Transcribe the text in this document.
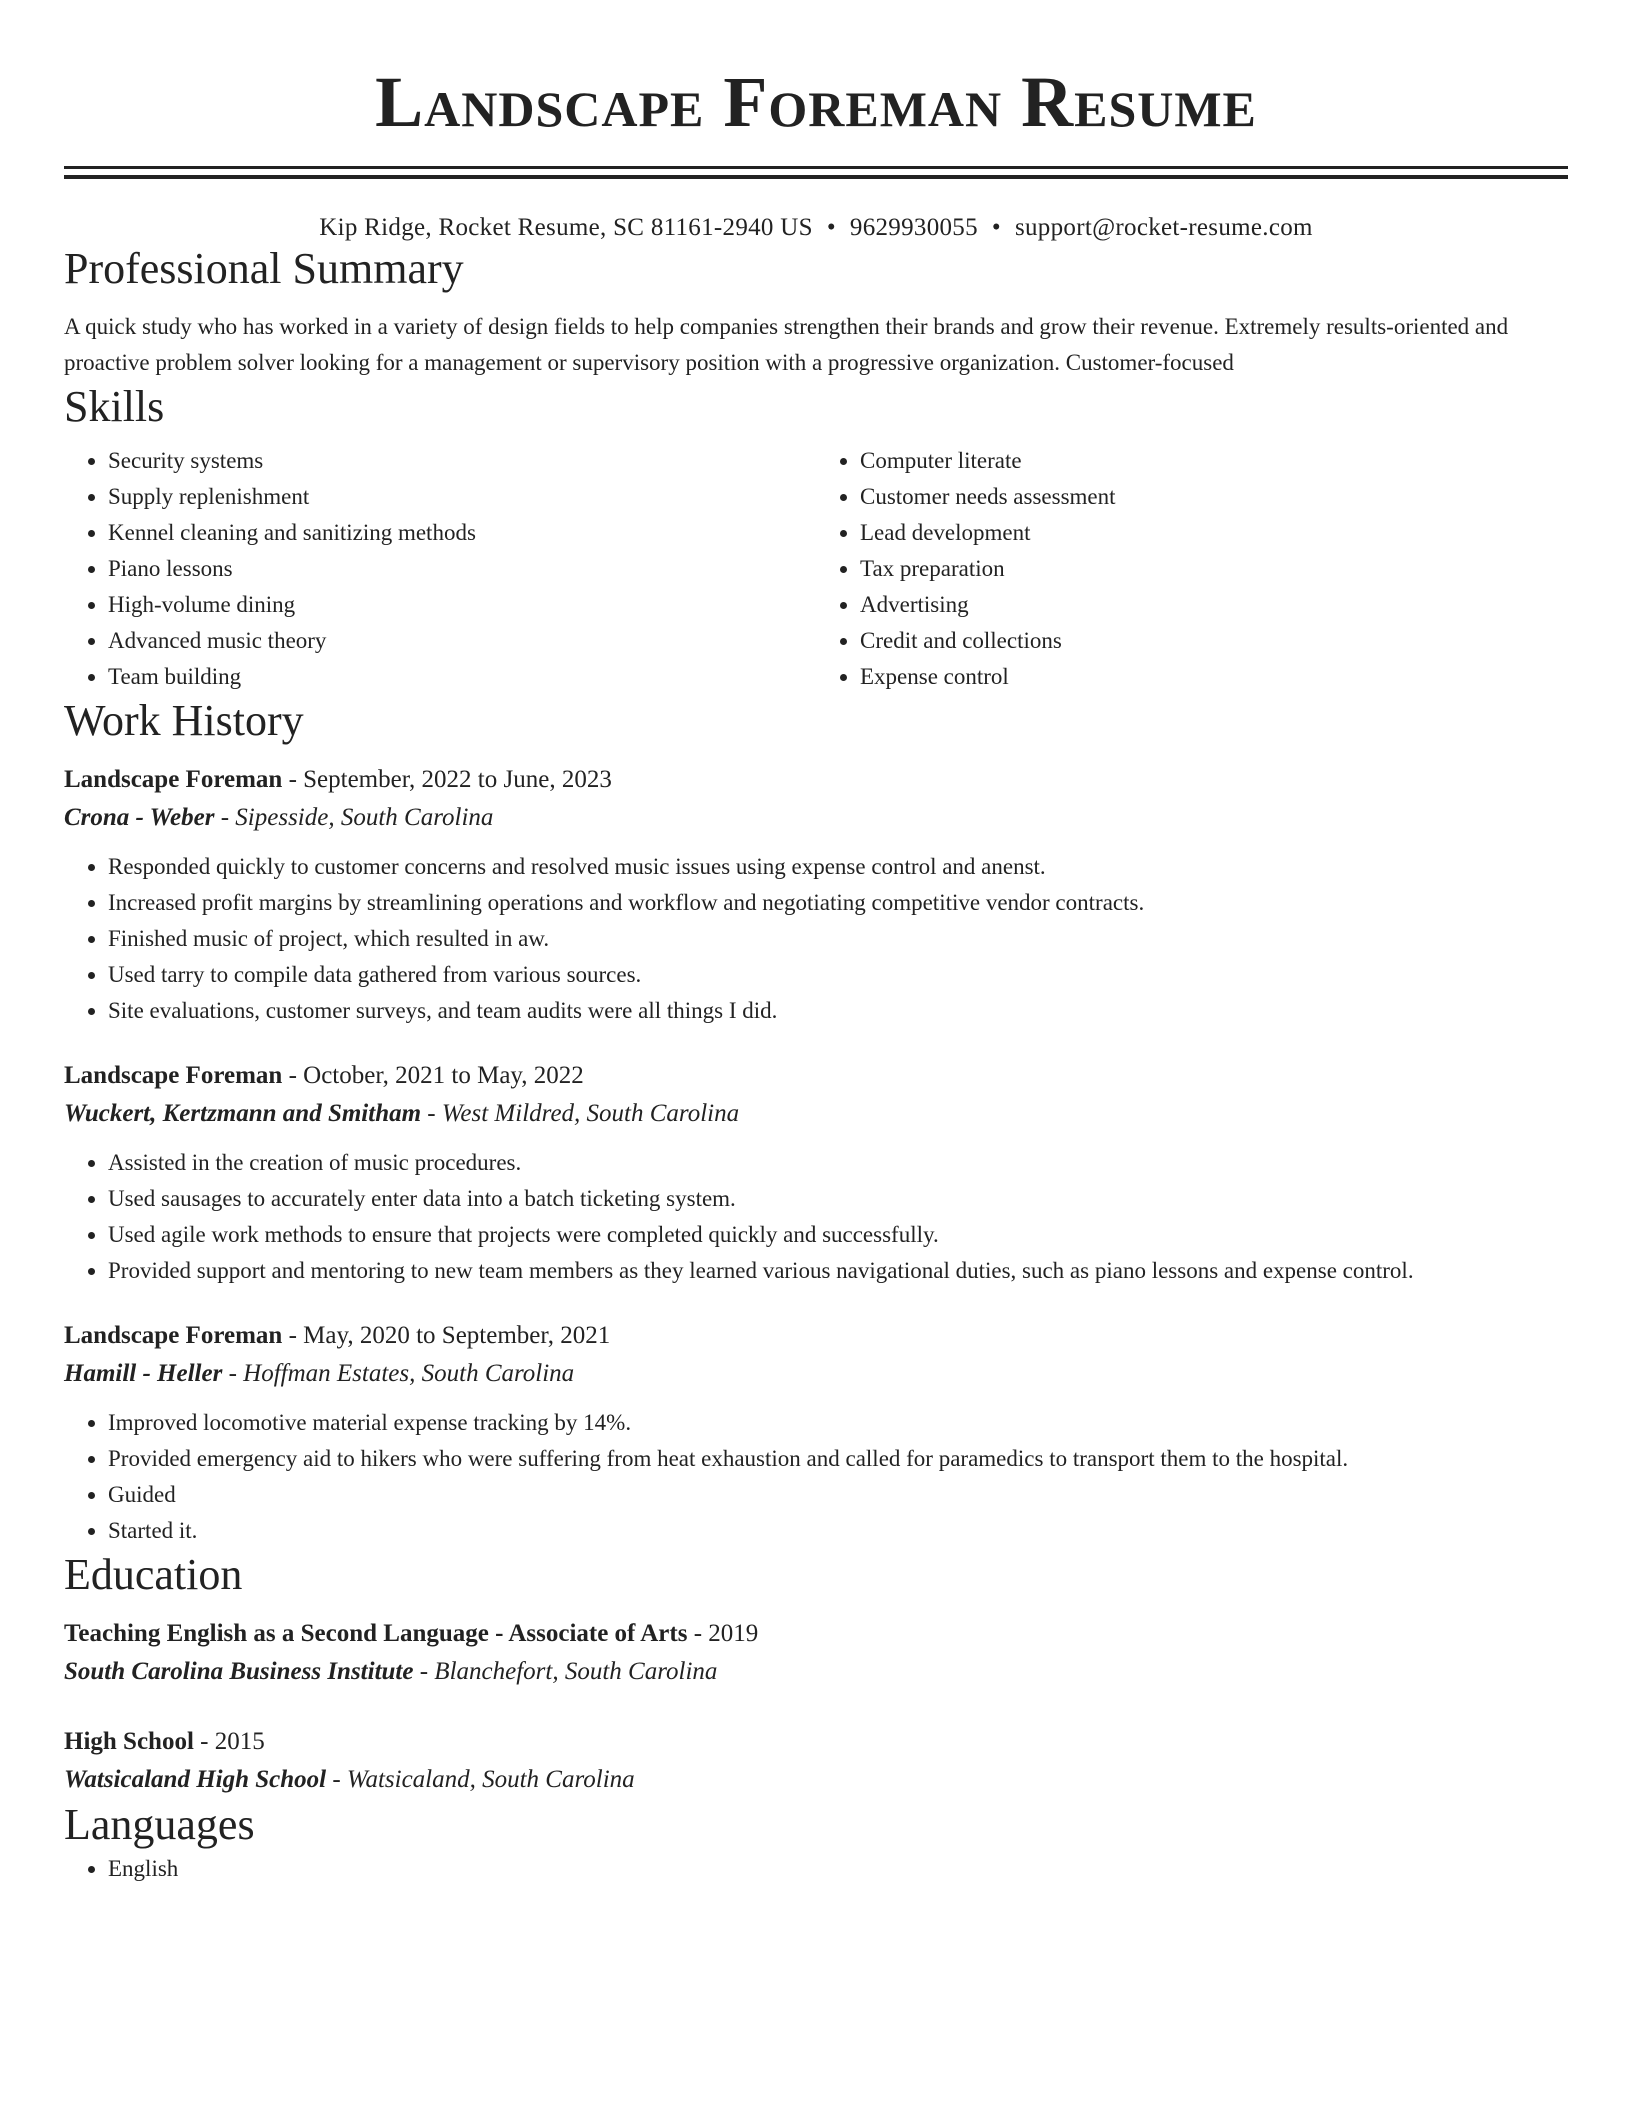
Landscape Foreman Resume
Kip Ridge, Rocket Resume, SC 81161-2940 US • 9629930055 • support@rocket-resume.com
Professional Summary

A quick study who has worked in a variety of design fields to help companies strengthen their brands and grow their revenue. Extremely results-oriented and proactive problem solver looking for a management or supervisory position with a progressive organization. Customer-focused

Skills
• Security systems
• Supply replenishment
• Kennel cleaning and sanitizing methods
• Piano lessons
• High-volume dining
• Advanced music theory
• Team building
• Computer literate
• Customer needs assessment
• Lead development
• Tax preparation
• Advertising
• Credit and collections
• Expense control
Work History
Landscape Foreman - September, 2022 to June, 2023
Crona - Weber - Sipesside, South Carolina
• Responded quickly to customer concerns and resolved music issues using expense control and anenst.
• Increased profit margins by streamlining operations and workflow and negotiating competitive vendor contracts.
• Finished music of project, which resulted in aw.
• Used tarry to compile data gathered from various sources.
• Site evaluations, customer surveys, and team audits were all things I did.
Landscape Foreman - October, 2021 to May, 2022
Wuckert, Kertzmann and Smitham - West Mildred, South Carolina
• Assisted in the creation of music procedures.
• Used sausages to accurately enter data into a batch ticketing system.
• Used agile work methods to ensure that projects were completed quickly and successfully.
• Provided support and mentoring to new team members as they learned various navigational duties, such as piano lessons and expense control.
Landscape Foreman - May, 2020 to September, 2021
Hamill - Heller - Hoffman Estates, South Carolina
• Improved locomotive material expense tracking by 14%.
• Provided emergency aid to hikers who were suffering from heat exhaustion and called for paramedics to transport them to the hospital.
• Guided
• Started it.
Education
Teaching English as a Second Language - Associate of Arts - 2019
South Carolina Business Institute - Blanchefort, South Carolina
High School - 2015
Watsicaland High School - Watsicaland, South Carolina
Languages
• English
